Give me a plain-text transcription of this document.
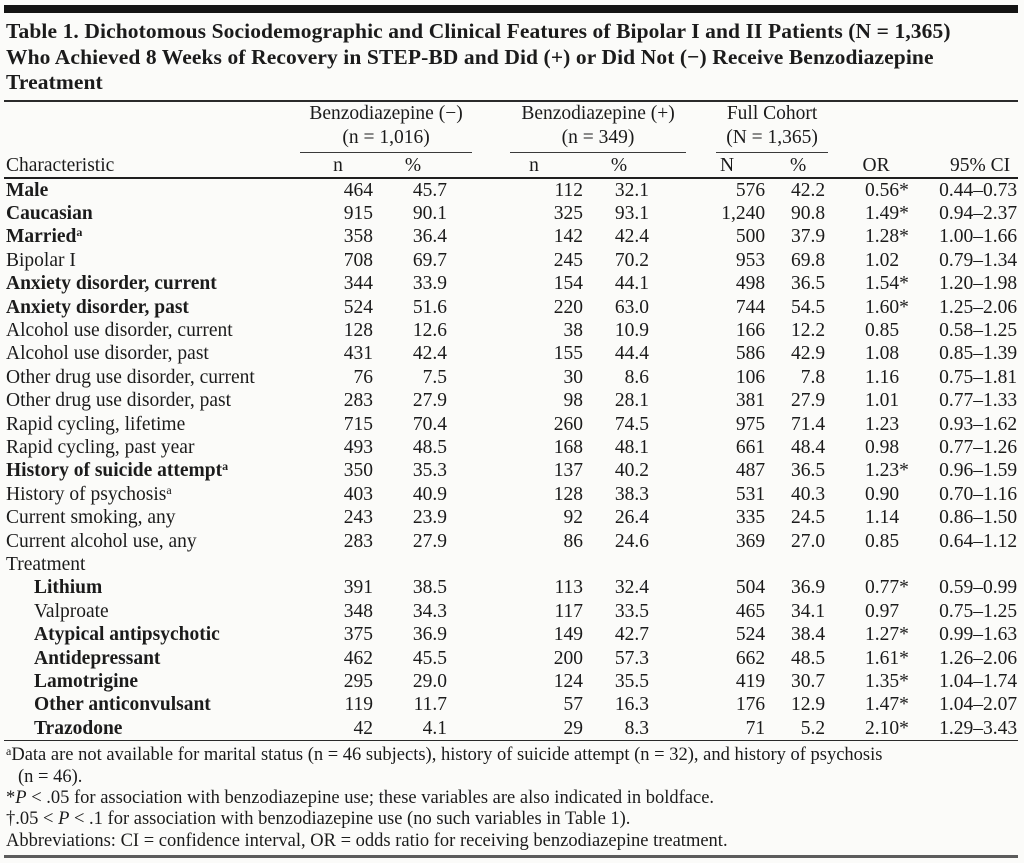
Table 1. Dichotomous Sociodemographic and Clinical Features of Bipolar I and II Patients (N = 1,365)
Who Achieved 8 Weeks of Recovery in STEP-BD and Did (+) or Did Not (−) Receive Benzodiazepine
Treatment

Benzodiazepine (−)
(n = 1,016)

Benzodiazepine (+)
(n = 349)

Full Cohort
(N = 1,365)

Characteristic	n	%		n	%		N	%	OR	95% CI
Male	464	45.7		112	32.1		576	42.2	0.56*	0.44–0.73
Caucasian	915	90.1		325	93.1		1,240	90.8	1.49*	0.94–2.37
Married$^a$	358	36.4		142	42.4		500	37.9	1.28*	1.00–1.66
Bipolar I	708	69.7		245	70.2		953	69.8	1.02	0.79–1.34
Anxiety disorder, current	344	33.9		154	44.1		498	36.5	1.54*	1.20–1.98
Anxiety disorder, past	524	51.6		220	63.0		744	54.5	1.60*	1.25–2.06
Alcohol use disorder, current	128	12.6		38	10.9		166	12.2	0.85	0.58–1.25
Alcohol use disorder, past	431	42.4		155	44.4		586	42.9	1.08	0.85–1.39
Other drug use disorder, current	76	7.5		30	8.6		106	7.8	1.16	0.75–1.81
Other drug use disorder, past	283	27.9		98	28.1		381	27.9	1.01	0.77–1.33
Rapid cycling, lifetime	715	70.4		260	74.5		975	71.4	1.23	0.93–1.62
Rapid cycling, past year	493	48.5		168	48.1		661	48.4	0.98	0.77–1.26
History of suicide attempt$^a$	350	35.3		137	40.2		487	36.5	1.23*	0.96–1.59
History of psychosis$^a$	403	40.9		128	38.3		531	40.3	0.90	0.70–1.16
Current smoking, any	243	23.9		92	26.4		335	24.5	1.14	0.86–1.50
Current alcohol use, any	283	27.9		86	24.6		369	27.0	0.85	0.64–1.12
Treatment										
Lithium	391	38.5		113	32.4		504	36.9	0.77*	0.59–0.99
Valproate	348	34.3		117	33.5		465	34.1	0.97	0.75–1.25
Atypical antipsychotic	375	36.9		149	42.7		524	38.4	1.27*	0.99–1.63
Antidepressant	462	45.5		200	57.3		662	48.5	1.61*	1.26–2.06
Lamotrigine	295	29.0		124	35.5		419	30.7	1.35*	1.04–1.74
Other anticonvulsant	119	11.7		57	16.3		176	12.9	1.47*	1.04–2.07
Trazodone	42	4.1		29	8.3		71	5.2	2.10*	1.29–3.43
$^a$Data are not available for marital status (n = 46 subjects), history of suicide attempt (n = 32), and history of psychosis
(n = 46).
*P < .05 for association with benzodiazepine use; these variables are also indicated in boldface.
†.05 < P < .1 for association with benzodiazepine use (no such variables in Table 1).
Abbreviations: CI = confidence interval, OR = odds ratio for receiving benzodiazepine treatment.
